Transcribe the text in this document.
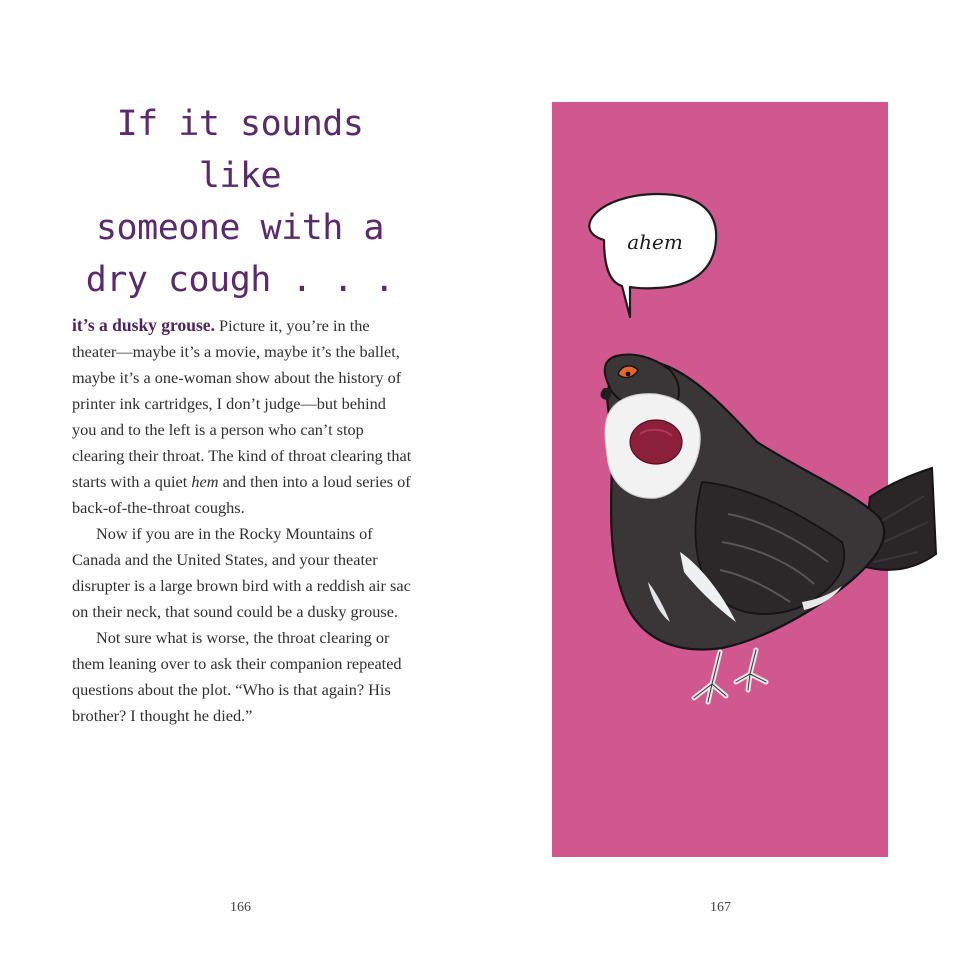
If it sounds like
someone with a
dry cough . . .

it’s a dusky grouse. Picture it, you’re in the theater—maybe it’s a movie, maybe it’s the ballet, maybe it’s a one-woman show about the history of printer ink cartridges, I don’t judge—but behind you and to the left is a person who can’t stop clearing their throat. The kind of throat clearing that starts with a quiet hem and then into a loud series of back-of-the-throat coughs.

Now if you are in the Rocky Mountains of Canada and the United States, and your theater disrupter is a large brown bird with a reddish air sac on their neck, that sound could be a dusky grouse.

Not sure what is worse, the throat clearing or them leaning over to ask their companion repeated questions about the plot. “Who is that again? His brother? I thought he died.”

166
ahem
167
